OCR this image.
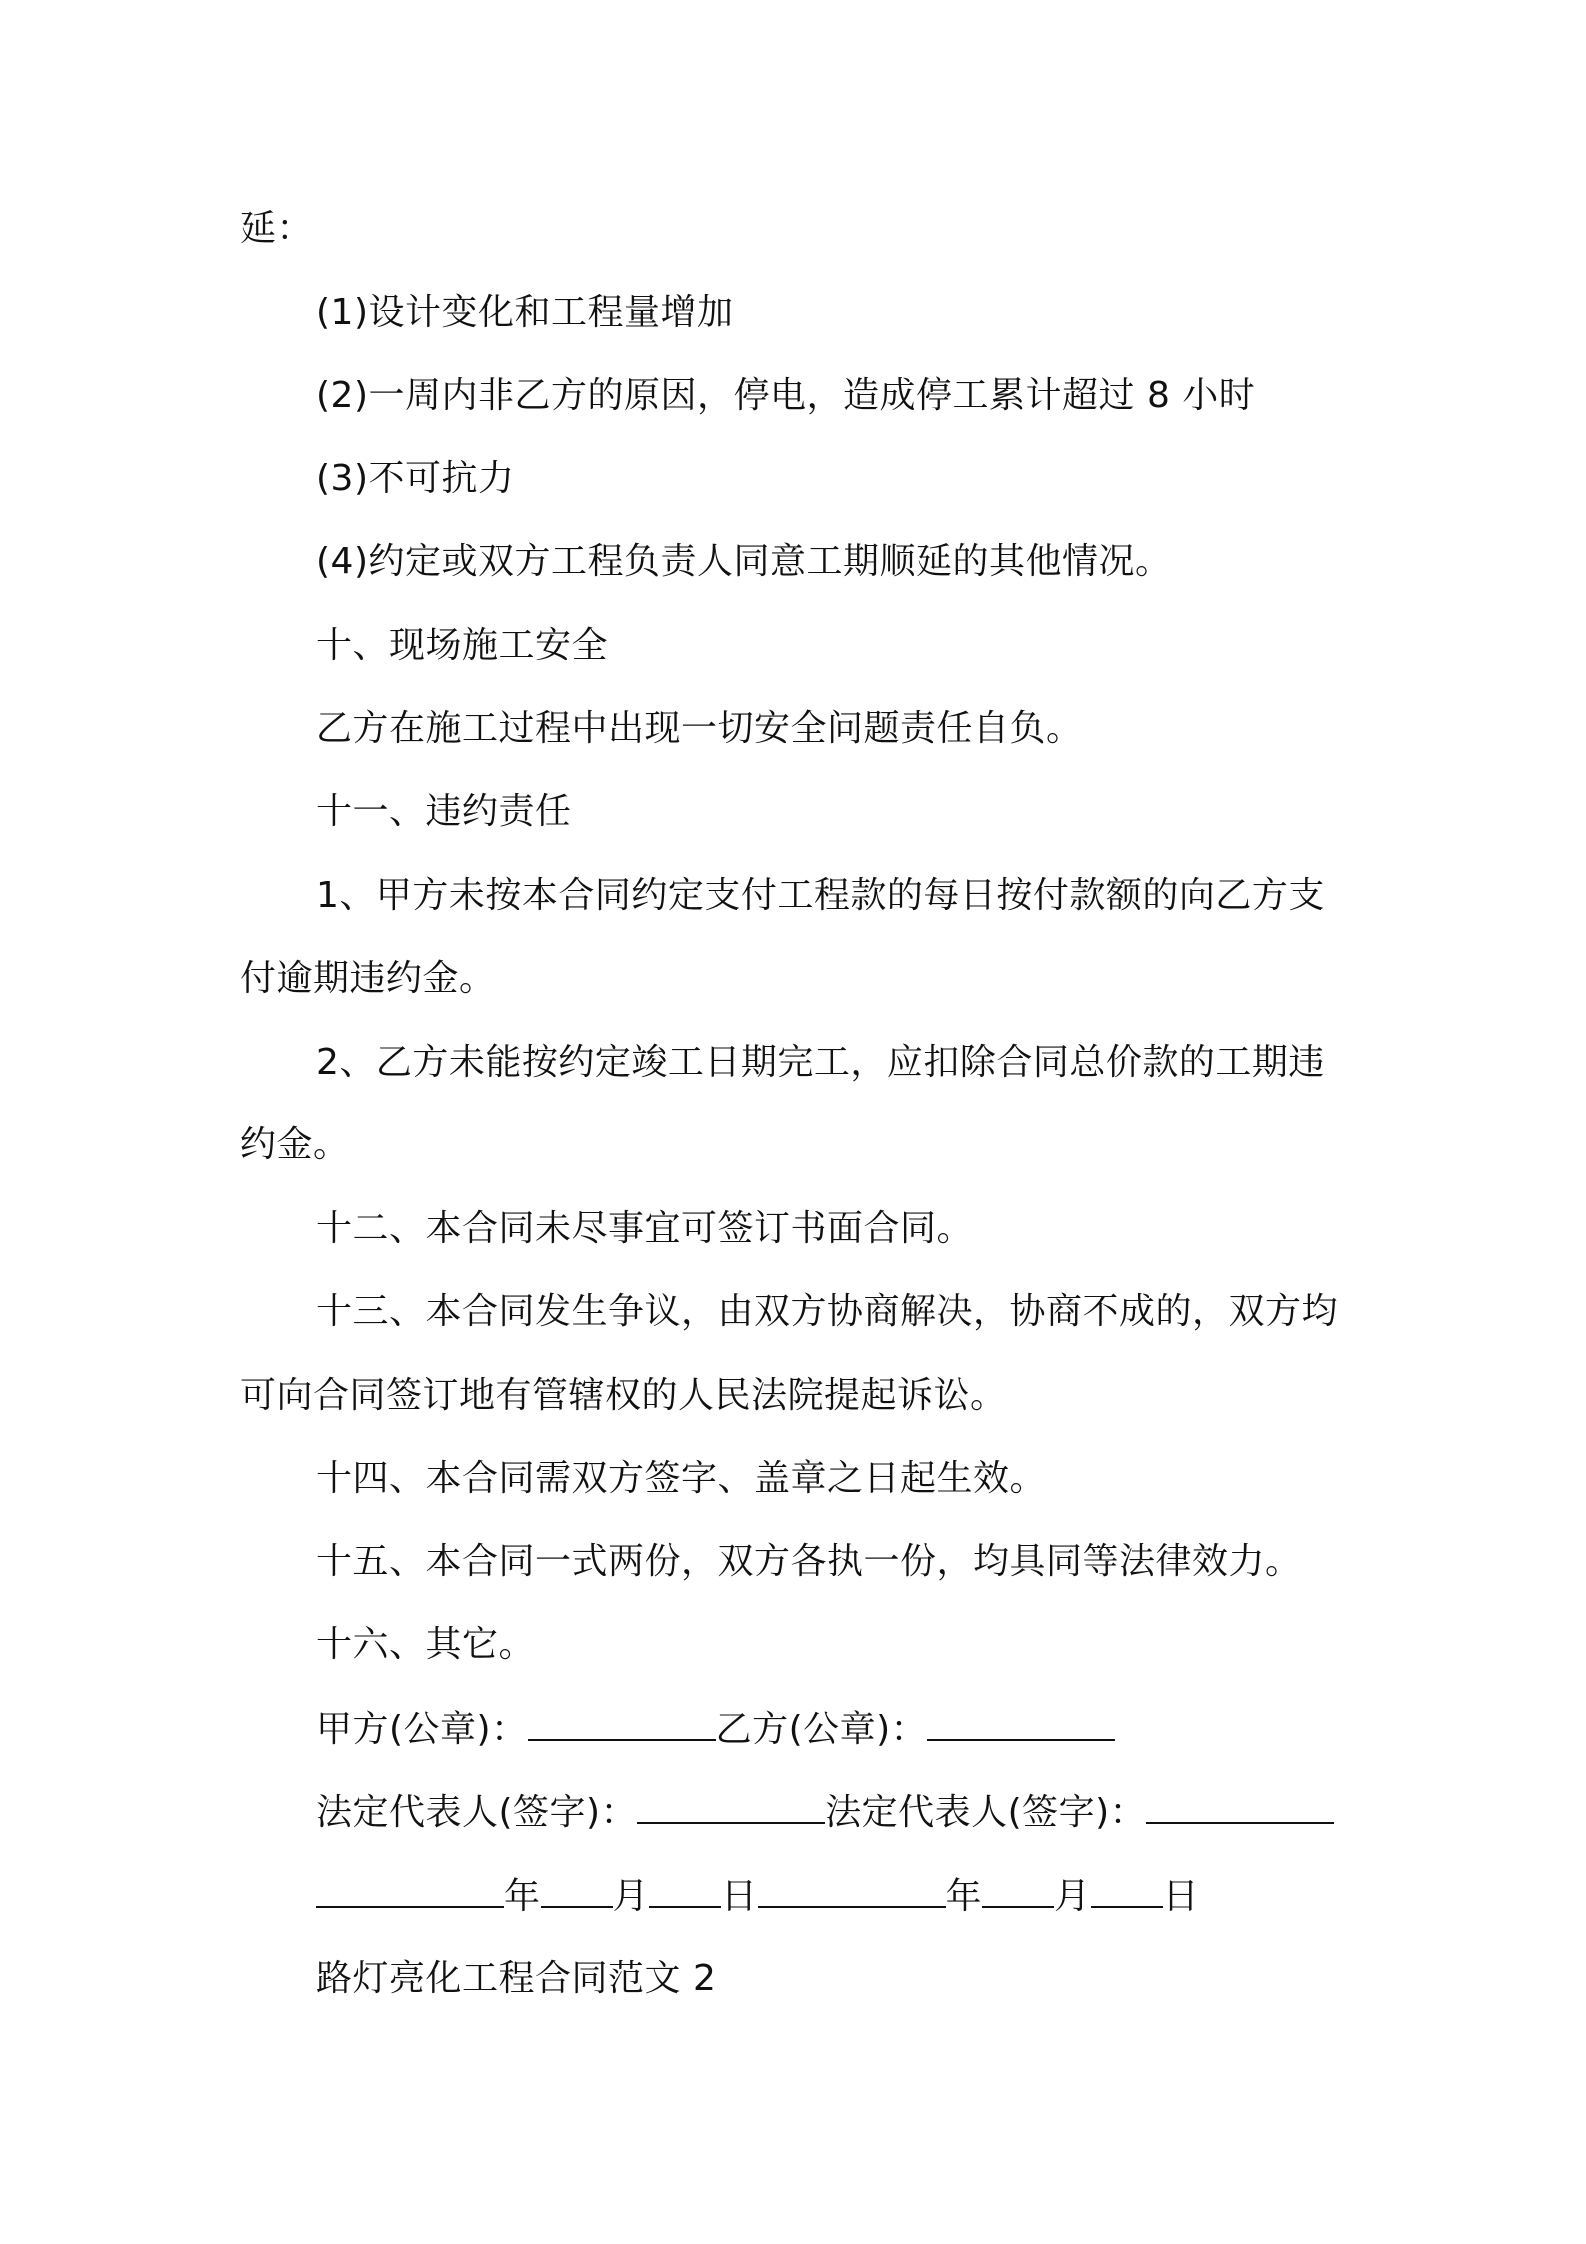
延：
(1)设计变化和工程量增加
(2)一周内非乙方的原因，停电，造成停工累计超过 8 小时
(3)不可抗力
(4)约定或双方工程负责人同意工期顺延的其他情况。
十、现场施工安全
乙方在施工过程中出现一切安全问题责任自负。
十一、违约责任
1、甲方未按本合同约定支付工程款的每日按付款额的向乙方支
付逾期违约金。
2、乙方未能按约定竣工日期完工，应扣除合同总价款的工期违
约金。
十二、本合同未尽事宜可签订书面合同。
十三、本合同发生争议，由双方协商解决，协商不成的，双方均
可向合同签订地有管辖权的人民法院提起诉讼。
十四、本合同需双方签字、盖章之日起生效。
十五、本合同一式两份，双方各执一份，均具同等法律效力。
十六、其它。
甲方(公章)：	乙方(公章)：
法定代表人(签字)：	法定代表人(签字)：
年 月 日	年 月 日
路灯亮化工程合同范文 2
